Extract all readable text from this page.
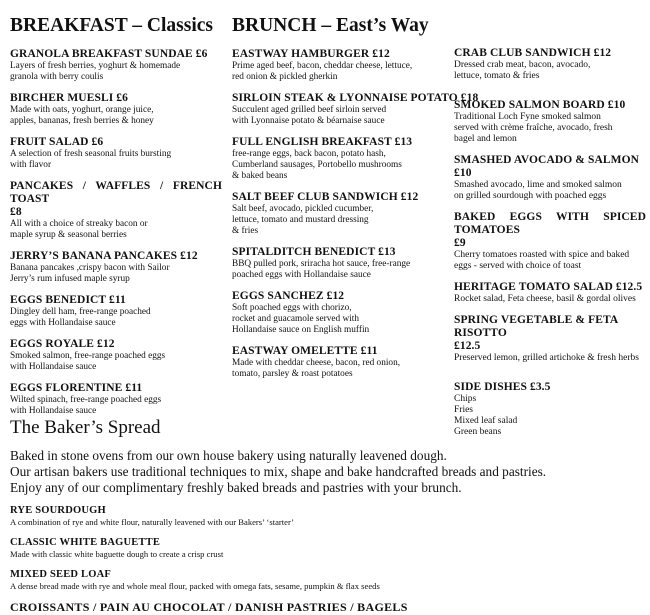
BREAKFAST – Classics
GRANOLA BREAKFAST SUNDAE £6
Layers of fresh berries, yoghurt & homemade
granola with berry coulis
BIRCHER MUESLI £6
Made with oats, yoghurt, orange juice,
apples, bananas, fresh berries & honey
FRUIT SALAD £6
A selection of fresh seasonal fruits bursting
with flavor
PANCAKES / WAFFLES / FRENCH TOAST
£8
All with a choice of streaky bacon or
maple syrup & seasonal berries
JERRY’S BANANA PANCAKES £12
Banana pancakes ,crispy bacon with Sailor
Jerry’s rum infused maple syrup
EGGS BENEDICT £11
Dingley dell ham, free-range poached
eggs with Hollandaise sauce
EGGS ROYALE £12
Smoked salmon, free-range poached eggs
with Hollandaise sauce
EGGS FLORENTINE £11
Wilted spinach, free-range poached eggs
with Hollandaise sauce
BRUNCH – East’s Way
EASTWAY HAMBURGER £12
Prime aged beef, bacon, cheddar cheese, lettuce,
red onion & pickled gherkin
SIRLOIN STEAK & LYONNAISE POTATO £18
Succulent aged grilled beef sirloin served
with Lyonnaise potato & béarnaise sauce
FULL ENGLISH BREAKFAST £13
free-range eggs, back bacon, potato hash,
Cumberland sausages, Portobello mushrooms
& baked beans
SALT BEEF CLUB SANDWICH £12
Salt beef, avocado, pickled cucumber,
lettuce, tomato and mustard dressing
& fries
SPITALDITCH BENEDICT £13
BBQ pulled pork, sriracha hot sauce, free-range
poached eggs with Hollandaise sauce
EGGS SANCHEZ £12
Soft poached eggs with chorizo,
rocket and guacamole served with
Hollandaise sauce on English muffin
EASTWAY OMELETTE £11
Made with cheddar cheese, bacon, red onion,
tomato, parsley & roast potatoes
CRAB CLUB SANDWICH £12
Dressed crab meat, bacon, avocado,
lettuce, tomato & fries
SMOKED SALMON BOARD £10
Traditional Loch Fyne smoked salmon
served with crème fraîche, avocado, fresh
bagel and lemon
SMASHED AVOCADO & SALMON £10
Smashed avocado, lime and smoked salmon
on grilled sourdough with poached eggs
BAKED EGGS WITH SPICED TOMATOES
£9
Cherry tomatoes roasted with spice and baked
eggs - served with choice of toast
HERITAGE TOMATO SALAD £12.5
Rocket salad, Feta cheese, basil & gordal olives
SPRING VEGETABLE & FETA RISOTTO
£12.5
Preserved lemon, grilled artichoke & fresh herbs
SIDE DISHES £3.5
Chips
Fries
Mixed leaf salad
Green beans
The Baker’s Spread
Baked in stone ovens from our own house bakery using naturally leavened dough.
Our artisan bakers use traditional techniques to mix, shape and bake handcrafted breads and pastries.
Enjoy any of our complimentary freshly baked breads and pastries with your brunch.
RYE SOURDOUGH
A combination of rye and white flour, naturally leavened with our Bakers’ ‘starter’
CLASSIC WHITE BAGUETTE
Made with classic white baguette dough to create a crisp crust
MIXED SEED LOAF
A dense bread made with rye and whole meal flour, packed with omega fats, sesame, pumpkin & flax seeds
CROISSANTS / PAIN AU CHOCOLAT / DANISH PASTRIES / BAGELS
